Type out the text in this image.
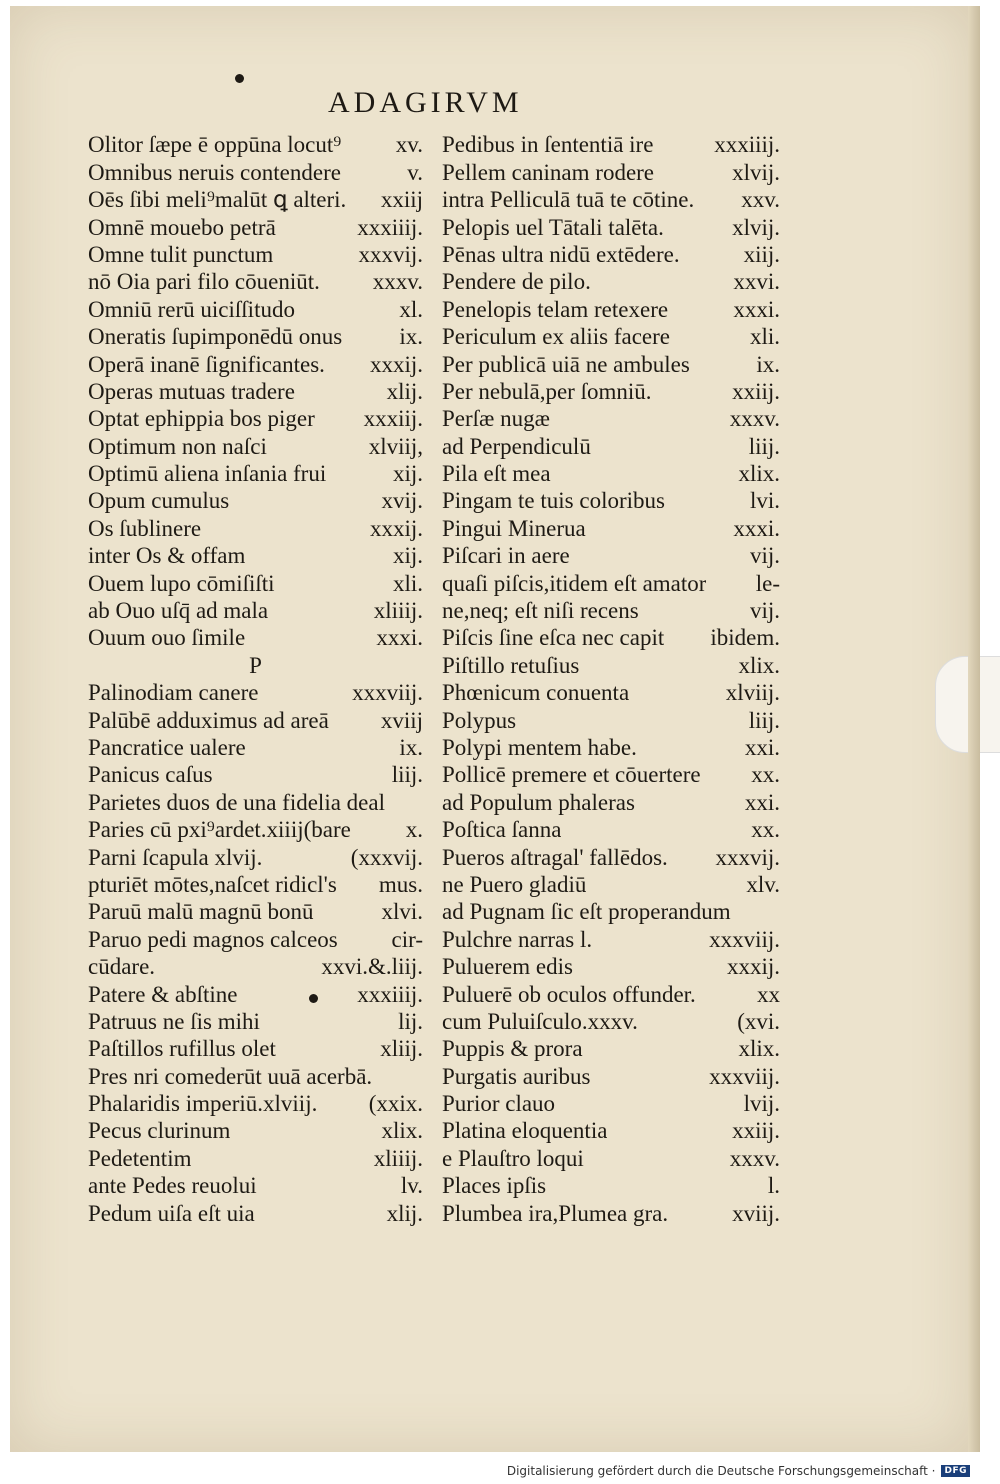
ADAGIRVM
Olitor ſæpe ē oppūna locut⁹ xv.
Omnibus neruis contendere	v.
Oēs ſibi meli⁹malūt ꝗ alteri. xxiij
Omnē mouebo petrā	xxxiiij.
Omne tulit punctum	xxxvij.
nō Oia pari filo cōueniūt. xxxv.
Omniū rerū uiciſſitudo	xl.
Oneratis ſupimponēdū onus ix.
Operā inanē ſignificantes. xxxij.
Operas mutuas tradere	xlij.
Optat ephippia bos piger xxxiij.
Optimum non naſci	xlviij,
Optimū aliena inſania frui	xij.
Opum cumulus	xvij.
Os ſublinere	xxxij.
inter Os & offam	xij.
Ouem lupo cōmiſiſti	xli.
ab Ouo uſq̄ ad mala	xliiij.
Ouum ouo ſimile	xxxi.
P
Palinodiam canere	xxxviij.
Palūbē adduximus ad areā xviij
Pancratice ualere	ix.
Panicus caſus	liij.
Parietes duos de una fidelia deal
Paries cū pxi⁹ardet.xiiij(bare x.
Parni ſcapula xlvij.	(xxxvij.
pturiēt mōtes,naſcet ridicl's mus.
Paruū malū magnū bonū	xlvi.
Paruo pedi magnos calceos cir-
cūdare.	xxvi.&.liij.
Patere & abſtine	xxxiiij.
Patruus ne ſis mihi	lij.
Paſtillos rufillus olet	xliij.
Pres nri comederūt uuā acerbā.
Phalaridis imperiū.xlviij. (xxix.
Pecus clurinum	xlix.
Pedetentim	xliiij.
ante Pedes reuolui	lv.
Pedum uiſa eſt uia	xlij.
Pedibus in ſententiā ire	xxxiiij.
Pellem caninam rodere	xlvij.
intra Pelliculā tuā te cōtine. xxv.
Pelopis uel Tātali talēta.	xlvij.
Pēnas ultra nidū extēdere.	xiij.
Pendere de pilo.	xxvi.
Penelopis telam retexere	xxxi.
Periculum ex aliis facere	xli.
Per publicā uiā ne ambules	ix.
Per nebulā,per ſomniū.	xxiij.
Perſæ nugæ	xxxv.
ad Perpendiculū	liij.
Pila eſt mea	xlix.
Pingam te tuis coloribus	lvi.
Pingui Minerua	xxxi.
Piſcari in aere	vij.
quaſi piſcis,itidem eſt amator le-
ne,neq; eſt niſi recens	vij.
Piſcis ſine eſca nec capit ibidem.
Piſtillo retuſius	xlix.
Phœnicum conuenta	xlviij.
Polypus	liij.
Polypi mentem habe.	xxi.
Pollicē premere et cōuertere xx.
ad Populum phaleras	xxi.
Poſtica ſanna	xx.
Pueros aſtragal' fallēdos. xxxvij.
ne Puero gladiū	xlv.
ad Pugnam ſic eſt properandum
Pulchre narras l.	xxxviij.
Puluerem edis	xxxij.
Puluerē ob oculos offunder.	xx
cum Puluiſculo.xxxv.	(xvi.
Puppis & prora	xlix.
Purgatis auribus	xxxviij.
Purior clauo	lvij.
Platina eloquentia	xxiij.
e Plauſtro loqui	xxxv.
Places ipſis	l.
Plumbea ira,Plumea gra.	xviij.
Digitalisierung gefördert durch die Deutsche Forschungsgemeinschaft ·	DFG
